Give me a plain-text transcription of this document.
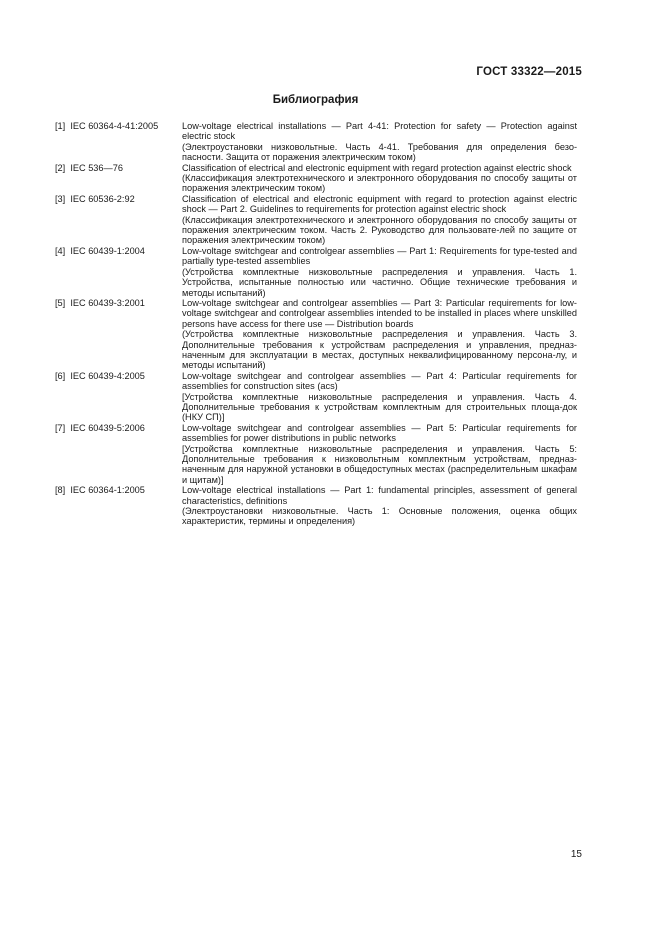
ГОСТ 33322—2015
Библиография
[1] IEC 60364-4-41:2005	Low-voltage electrical installations — Part 4-41: Protection for safety — Protection against electric stock
(Электроустановки низковольтные. Часть 4-41. Требования для определения безо-пасности. Защита от поражения электрическим током)
[2] IEC 536—76	Classification of electrical and electronic equipment with regard protection against electric shock
(Классификация электротехнического и электронного оборудования по способу защиты от поражения электрическим током)
[3] IEC 60536-2:92	Classification of electrical and electronic equipment with regard to protection against electric shock — Part 2. Guidelines to requirements for protection against electric shock
(Классификация электротехнического и электронного оборудования по способу защиты от поражения электрическим током. Часть 2. Руководство для пользовате-лей по защите от поражения электрическим током)
[4] IEC 60439-1:2004	Low-voltage switchgear and controlgear assemblies — Part 1: Requirements for type-tested and partially type-tested assemblies
(Устройства комплектные низковольтные распределения и управления. Часть 1. Устройства, испытанные полностью или частично. Общие технические требования и методы испытаний)
[5] IEC 60439-3:2001	Low-voltage switchgear and controlgear assemblies — Part 3: Particular requirements for low-voltage switchgear and controlgear assemblies intended to be installed in places where unskilled persons have access for there use — Distribution boards
(Устройства комплектные низковольтные распределения и управления. Часть 3. Дополнительные требования к устройствам распределения и управления, предназ-наченным для эксплуатации в местах, доступных неквалифицированному персона-лу, и методы испытаний)
[6] IEC 60439-4:2005	Low-voltage switchgear and controlgear assemblies — Part 4: Particular requirements for assemblies for construction sites (acs)
[Устройства комплектные низковольтные распределения и управления. Часть 4. Дополнительные требования к устройствам комплектным для строительных площа-док (НКУ СП)]
[7] IEC 60439-5:2006	Low-voltage switchgear and controlgear assemblies — Part 5: Particular requirements for assemblies for power distributions in public networks
[Устройства комплектные низковольтные распределения и управления. Часть 5: Дополнительные требования к низковольтным комплектным устройствам, предназ-наченным для наружной установки в общедоступных местах (распределительным шкафам и щитам)]
[8] IEC 60364-1:2005	Low-voltage electrical installations — Part 1: fundamental principles, assessment of general characteristics, definitions
(Электроустановки низковольтные. Часть 1: Основные положения, оценка общих характеристик, термины и определения)
15
